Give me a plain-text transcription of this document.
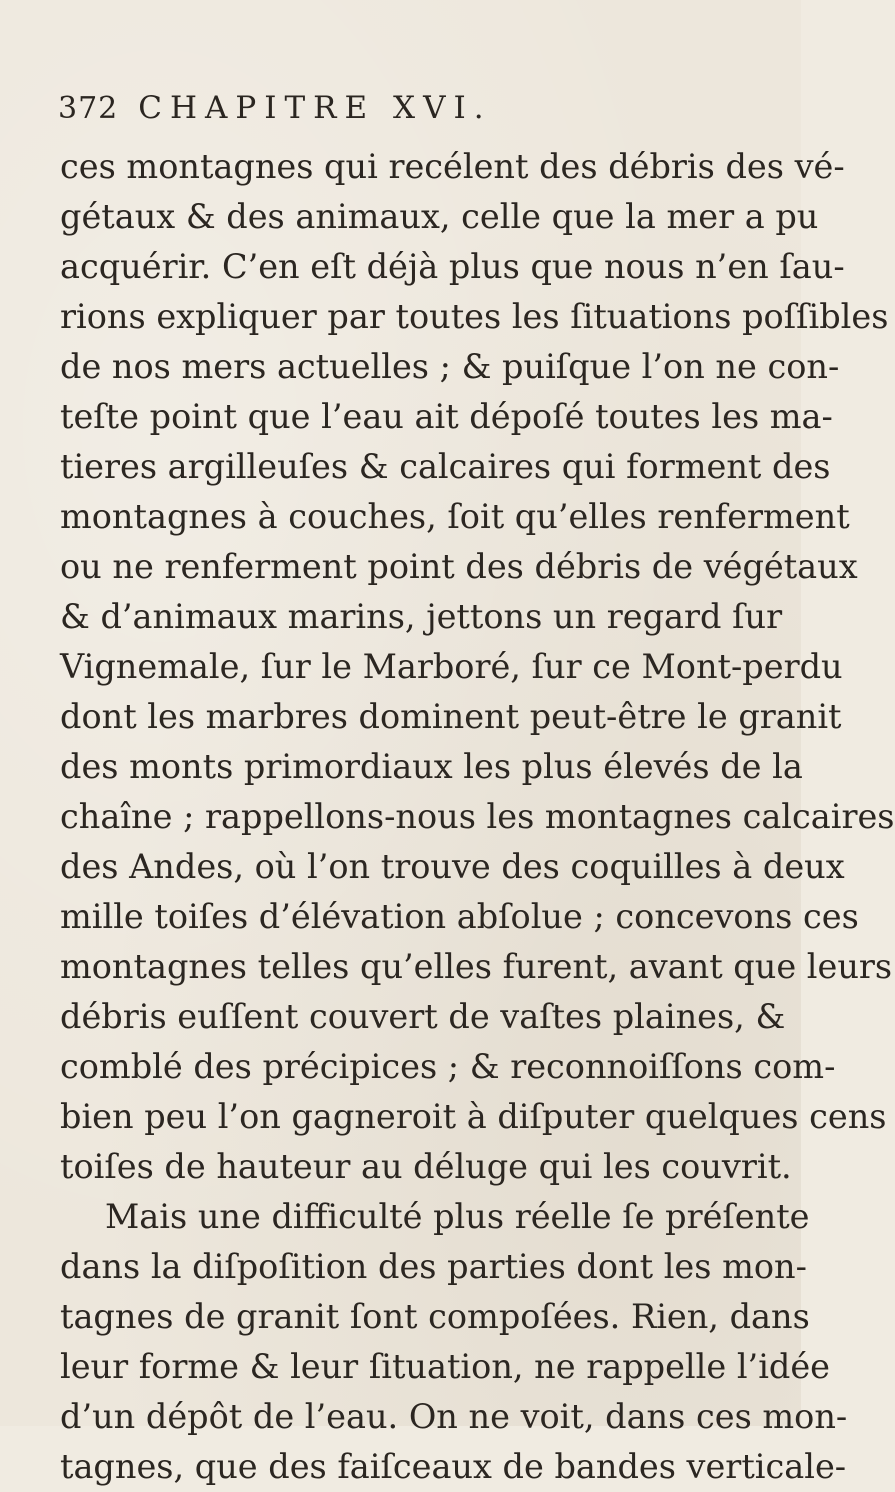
372 CHAPITRE XVI.
ces montagnes qui recélent des débris des vé-
gétaux & des animaux, celle que la mer a pu
acquérir. C’en eſt déjà plus que nous n’en ſau-
rions expliquer par toutes les ſituations poſſibles
de nos mers actuelles ; & puiſque l’on ne con-
teſte point que l’eau ait dépoſé toutes les ma-
tieres argilleuſes & calcaires qui forment des
montagnes à couches, ſoit qu’elles renferment
ou ne renferment point des débris de végétaux
& d’animaux marins, jettons un regard ſur
Vignemale, ſur le Marboré, ſur ce Mont-perdu
dont les marbres dominent peut-être le granit
des monts primordiaux les plus élevés de la
chaîne ; rappellons-nous les montagnes calcaires
des Andes, où l’on trouve des coquilles à deux
mille toiſes d’élévation abſolue ; concevons ces
montagnes telles qu’elles furent, avant que leurs
débris euſſent couvert de vaſtes plaines, &
comblé des précipices ; & reconnoiſſons com-
bien peu l’on gagneroit à diſputer quelques cens
toiſes de hauteur au déluge qui les couvrit.
Mais une difficulté plus réelle ſe préſente
dans la diſpoſition des parties dont les mon-
tagnes de granit ſont compoſées. Rien, dans
leur forme & leur ſituation, ne rappelle l’idée
d’un dépôt de l’eau. On ne voit, dans ces mon-
tagnes, que des faiſceaux de bandes verticale-
